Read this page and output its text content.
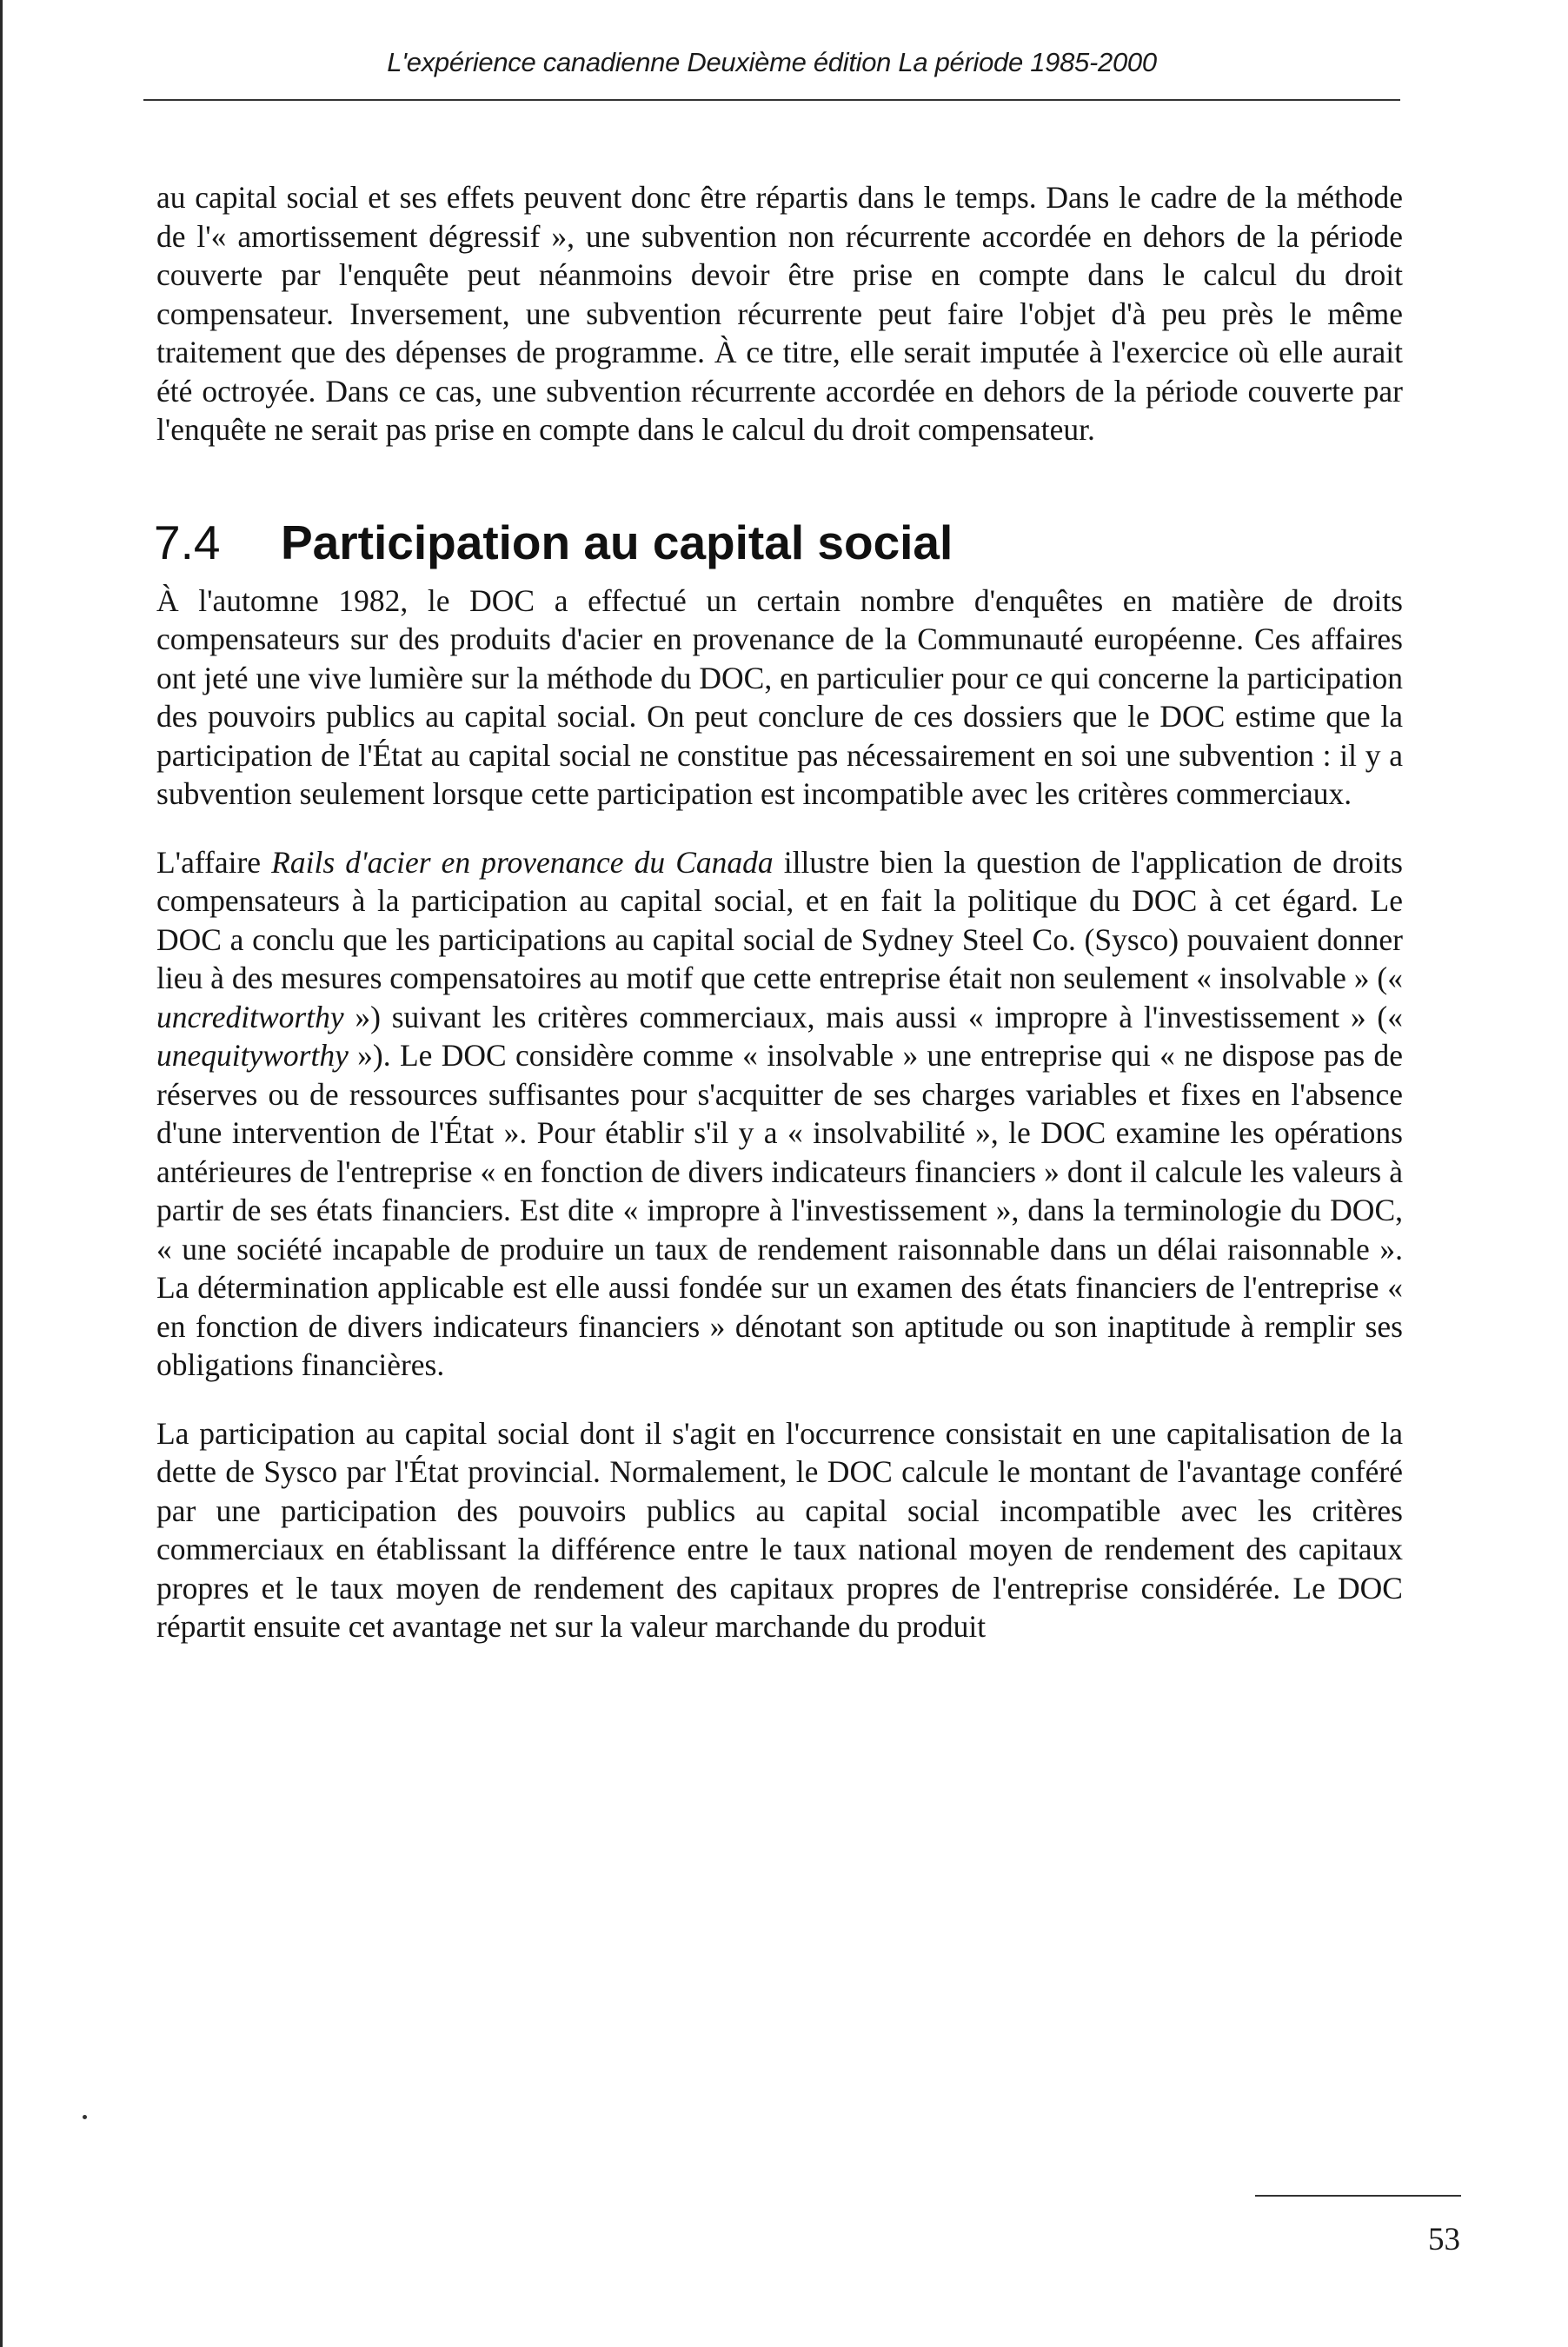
L'expérience canadienne Deuxième édition La période 1985-2000

au capital social et ses effets peuvent donc être répartis dans le temps. Dans le cadre de la méthode de l'« amortissement dégressif », une subvention non récurrente accordée en dehors de la période couverte par l'enquête peut néanmoins devoir être prise en compte dans le calcul du droit compensateur. Inversement, une subvention récurrente peut faire l'objet d'à peu près le même traitement que des dépenses de programme. À ce titre, elle serait imputée à l'exercice où elle aurait été octroyée. Dans ce cas, une subvention récurrente accordée en dehors de la période couverte par l'enquête ne serait pas prise en compte dans le calcul du droit compensateur.

7.4	Participation au capital social

À l'automne 1982, le DOC a effectué un certain nombre d'enquêtes en matière de droits compensateurs sur des produits d'acier en provenance de la Communauté européenne. Ces affaires ont jeté une vive lumière sur la méthode du DOC, en particulier pour ce qui concerne la participation des pouvoirs publics au capital social. On peut conclure de ces dossiers que le DOC estime que la participation de l'État au capital social ne constitue pas nécessairement en soi une subvention : il y a subvention seulement lorsque cette participation est incompatible avec les critères commerciaux.

L'affaire Rails d'acier en provenance du Canada illustre bien la question de l'application de droits compensateurs à la participation au capital social, et en fait la politique du DOC à cet égard. Le DOC a conclu que les participations au capital social de Sydney Steel Co. (Sysco) pouvaient donner lieu à des mesures compensatoires au motif que cette entreprise était non seulement « insolvable » (« uncreditworthy ») suivant les critères commerciaux, mais aussi « impropre à l'investissement » (« unequityworthy »). Le DOC considère comme « insolvable » une entreprise qui « ne dispose pas de réserves ou de ressources suffisantes pour s'acquitter de ses charges variables et fixes en l'absence d'une intervention de l'État ». Pour établir s'il y a « insolvabilité », le DOC examine les opérations antérieures de l'entreprise « en fonction de divers indicateurs financiers » dont il calcule les valeurs à partir de ses états financiers. Est dite « impropre à l'investissement », dans la terminologie du DOC, « une société incapable de produire un taux de rendement raisonnable dans un délai raisonnable ». La détermination applicable est elle aussi fondée sur un examen des états financiers de l'entreprise « en fonction de divers indicateurs financiers » dénotant son aptitude ou son inaptitude à remplir ses obligations financières.

La participation au capital social dont il s'agit en l'occurrence consistait en une capitalisation de la dette de Sysco par l'État provincial. Normalement, le DOC calcule le montant de l'avantage conféré par une participation des pouvoirs publics au capital social incompatible avec les critères commerciaux en établissant la différence entre le taux national moyen de rendement des capitaux propres et le taux moyen de rendement des capitaux propres de l'entreprise considérée. Le DOC répartit ensuite cet avantage net sur la valeur marchande du produit

53
